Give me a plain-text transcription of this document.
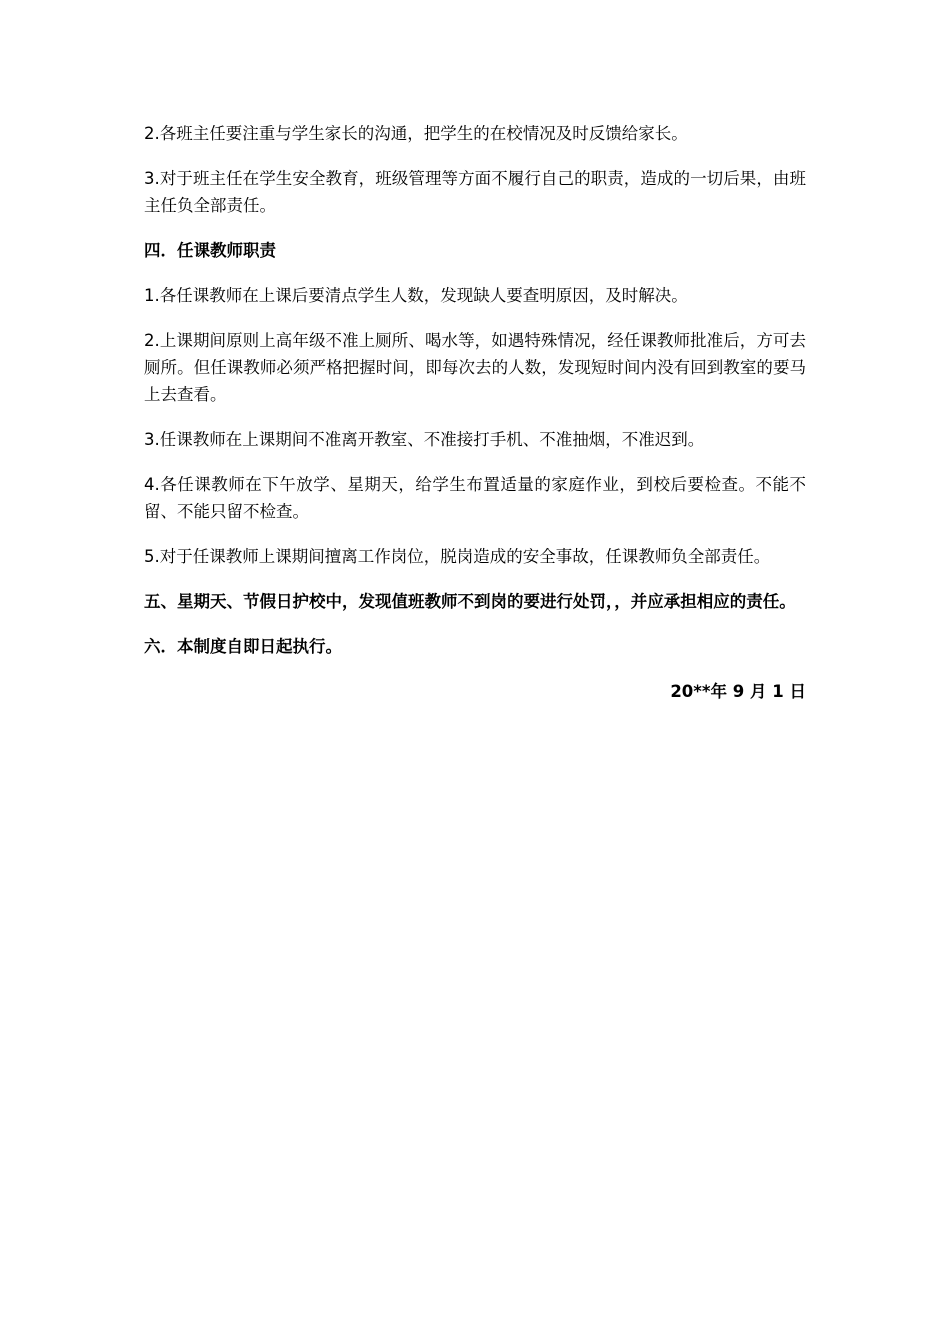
2.各班主任要注重与学生家长的沟通，把学生的在校情况及时反馈给家长。

3.对于班主任在学生安全教育，班级管理等方面不履行自己的职责，造成的一切后果，由班主任负全部责任。

四．任课教师职责

1.各任课教师在上课后要清点学生人数，发现缺人要查明原因，及时解决。

2.上课期间原则上高年级不准上厕所、喝水等，如遇特殊情况，经任课教师批准后，方可去厕所。但任课教师必须严格把握时间，即每次去的人数，发现短时间内没有回到教室的要马上去查看。

3.任课教师在上课期间不准离开教室、不准接打手机、不准抽烟，不准迟到。

4.各任课教师在下午放学、星期天，给学生布置适量的家庭作业，到校后要检查。不能不留、不能只留不检查。

5.对于任课教师上课期间擅离工作岗位，脱岗造成的安全事故，任课教师负全部责任。

五、星期天、节假日护校中，发现值班教师不到岗的要进行处罚，，并应承担相应的责任。

六．本制度自即日起执行。

20**年 9 月 1 日
